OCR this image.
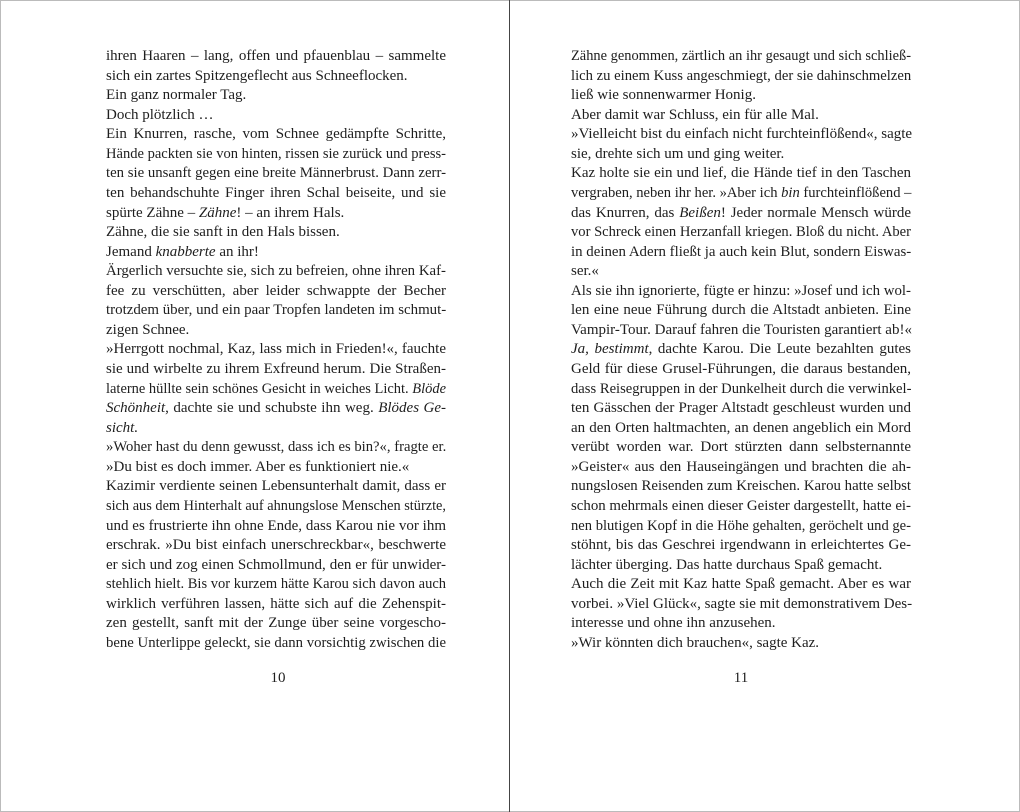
ihren Haaren – lang, offen und pfauenblau – sammelte
sich ein zartes Spitzengeflecht aus Schneeflocken.
Ein ganz normaler Tag.
Doch plötzlich …
Ein Knurren, rasche, vom Schnee gedämpfte Schritte,
Hände packten sie von hinten, rissen sie zurück und press-
ten sie unsanft gegen eine breite Männerbrust. Dann zerr-
ten behandschuhte Finger ihren Schal beiseite, und sie
spürte Zähne – Zähne! – an ihrem Hals.
Zähne, die sie sanft in den Hals bissen.
Jemand knabberte an ihr!
Ärgerlich versuchte sie, sich zu befreien, ohne ihren Kaf-
fee zu verschütten, aber leider schwappte der Becher
trotzdem über, und ein paar Tropfen landeten im schmut-
zigen Schnee.
»Herrgott nochmal, Kaz, lass mich in Frieden!«, fauchte
sie und wirbelte zu ihrem Exfreund herum. Die Straßen-
laterne hüllte sein schönes Gesicht in weiches Licht. Blöde
Schönheit, dachte sie und schubste ihn weg. Blödes Ge-
sicht.
»Woher hast du denn gewusst, dass ich es bin?«, fragte er.
»Du bist es doch immer. Aber es funktioniert nie.«
Kazimir verdiente seinen Lebensunterhalt damit, dass er
sich aus dem Hinterhalt auf ahnungslose Menschen stürzte,
und es frustrierte ihn ohne Ende, dass Karou nie vor ihm
erschrak. »Du bist einfach unerschreckbar«, beschwerte
er sich und zog einen Schmollmund, den er für unwider-
stehlich hielt. Bis vor kurzem hätte Karou sich davon auch
wirklich verführen lassen, hätte sich auf die Zehenspit-
zen gestellt, sanft mit der Zunge über seine vorgescho-
bene Unterlippe geleckt, sie dann vorsichtig zwischen die
10
Zähne genommen, zärtlich an ihr gesaugt und sich schließ-
lich zu einem Kuss angeschmiegt, der sie dahinschmelzen
ließ wie sonnenwarmer Honig.
Aber damit war Schluss, ein für alle Mal.
»Vielleicht bist du einfach nicht furchteinflößend«, sagte
sie, drehte sich um und ging weiter.
Kaz holte sie ein und lief, die Hände tief in den Taschen
vergraben, neben ihr her. »Aber ich bin furchteinflößend –
das Knurren, das Beißen! Jeder normale Mensch würde
vor Schreck einen Herzanfall kriegen. Bloß du nicht. Aber
in deinen Adern fließt ja auch kein Blut, sondern Eiswas-
ser.«
Als sie ihn ignorierte, fügte er hinzu: »Josef und ich wol-
len eine neue Führung durch die Altstadt anbieten. Eine
Vampir-Tour. Darauf fahren die Touristen garantiert ab!«
Ja, bestimmt, dachte Karou. Die Leute bezahlten gutes
Geld für diese Grusel-Führungen, die daraus bestanden,
dass Reisegruppen in der Dunkelheit durch die verwinkel-
ten Gässchen der Prager Altstadt geschleust wurden und
an den Orten haltmachten, an denen angeblich ein Mord
verübt worden war. Dort stürzten dann selbsternannte
»Geister« aus den Hauseingängen und brachten die ah-
nungslosen Reisenden zum Kreischen. Karou hatte selbst
schon mehrmals einen dieser Geister dargestellt, hatte ei-
nen blutigen Kopf in die Höhe gehalten, geröchelt und ge-
stöhnt, bis das Geschrei irgendwann in erleichtertes Ge-
lächter überging. Das hatte durchaus Spaß gemacht.
Auch die Zeit mit Kaz hatte Spaß gemacht. Aber es war
vorbei. »Viel Glück«, sagte sie mit demonstrativem Des-
interesse und ohne ihn anzusehen.
»Wir könnten dich brauchen«, sagte Kaz.
11
